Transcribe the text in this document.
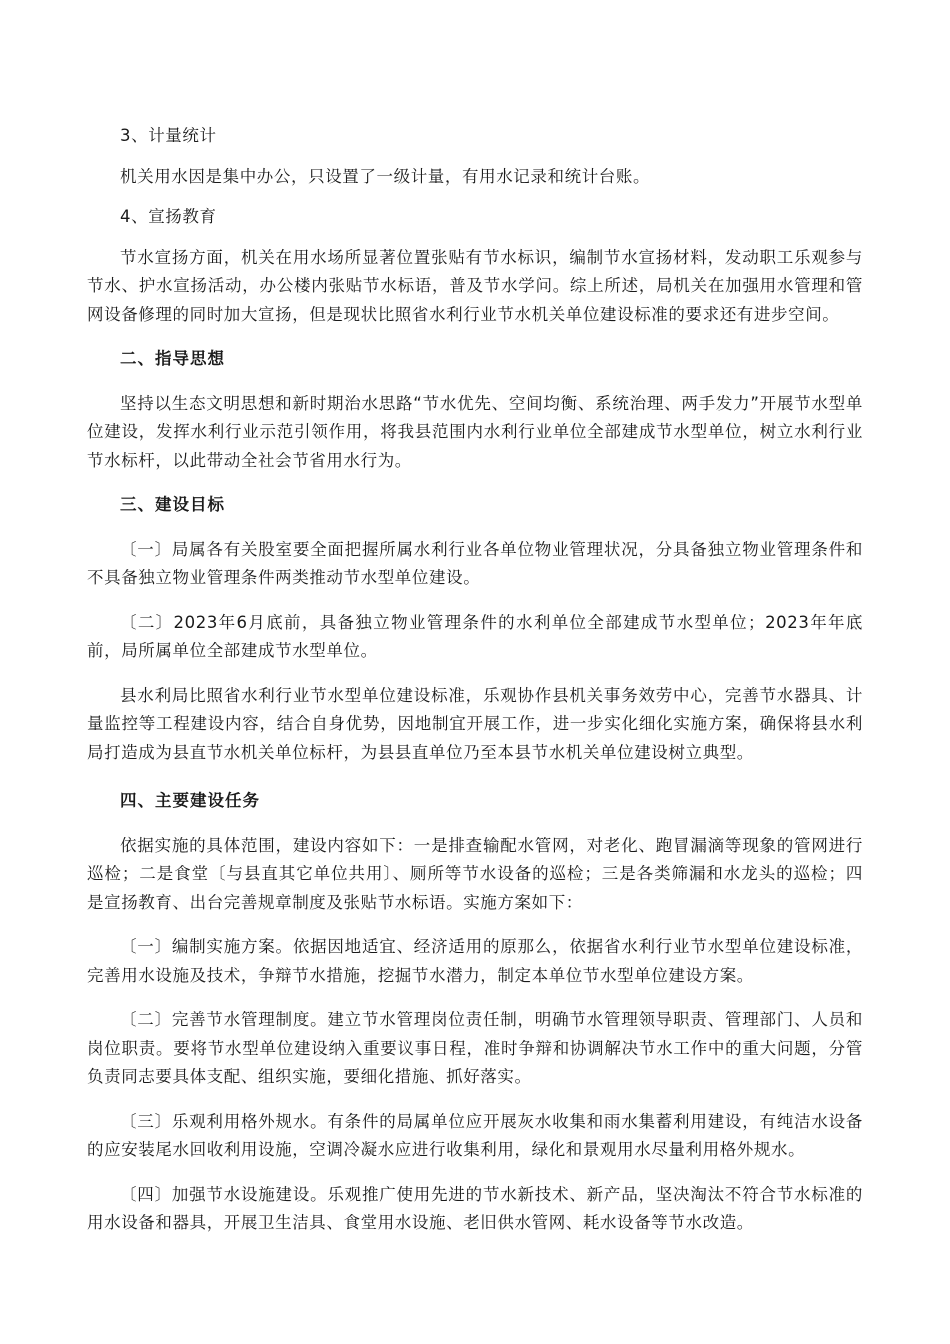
3、计量统计

机关用水因是集中办公，只设置了一级计量，有用水记录和统计台账。

4、宣扬教育

节水宣扬方面，机关在用水场所显著位置张贴有节水标识，编制节水宣扬材料，发动职工乐观参与节水、护水宣扬活动，办公楼内张贴节水标语，普及节水学问。综上所述，局机关在加强用水管理和管网设备修理的同时加大宣扬，但是现状比照省水利行业节水机关单位建设标准的要求还有进步空间。

二、指导思想

坚持以生态文明思想和新时期治水思路“节水优先、空间均衡、系统治理、两手发力”开展节水型单位建设，发挥水利行业示范引领作用，将我县范围内水利行业单位全部建成节水型单位，树立水利行业节水标杆，以此带动全社会节省用水行为。

三、建设目标

〔一〕局属各有关股室要全面把握所属水利行业各单位物业管理状况，分具备独立物业管理条件和不具备独立物业管理条件两类推动节水型单位建设。

〔二〕2023年6月底前，具备独立物业管理条件的水利单位全部建成节水型单位；2023年年底前，局所属单位全部建成节水型单位。

县水利局比照省水利行业节水型单位建设标准，乐观协作县机关事务效劳中心，完善节水器具、计量监控等工程建设内容，结合自身优势，因地制宜开展工作，进一步实化细化实施方案，确保将县水利局打造成为县直节水机关单位标杆，为县县直单位乃至本县节水机关单位建设树立典型。

四、主要建设任务

依据实施的具体范围，建设内容如下：一是排查输配水管网，对老化、跑冒漏滴等现象的管网进行巡检；二是食堂〔与县直其它单位共用〕、厕所等节水设备的巡检；三是各类筛漏和水龙头的巡检；四是宣扬教育、出台完善规章制度及张贴节水标语。实施方案如下：

〔一〕编制实施方案。依据因地适宜、经济适用的原那么，依据省水利行业节水型单位建设标准，完善用水设施及技术，争辩节水措施，挖掘节水潜力，制定本单位节水型单位建设方案。

〔二〕完善节水管理制度。建立节水管理岗位责任制，明确节水管理领导职责、管理部门、人员和岗位职责。要将节水型单位建设纳入重要议事日程，准时争辩和协调解决节水工作中的重大问题，分管负责同志要具体支配、组织实施，要细化措施、抓好落实。

〔三〕乐观利用格外规水。有条件的局属单位应开展灰水收集和雨水集蓄利用建设，有纯洁水设备的应安装尾水回收利用设施，空调冷凝水应进行收集利用，绿化和景观用水尽量利用格外规水。

〔四〕加强节水设施建设。乐观推广使用先进的节水新技术、新产品，坚决淘汰不符合节水标准的用水设备和器具，开展卫生洁具、食堂用水设施、老旧供水管网、耗水设备等节水改造。
